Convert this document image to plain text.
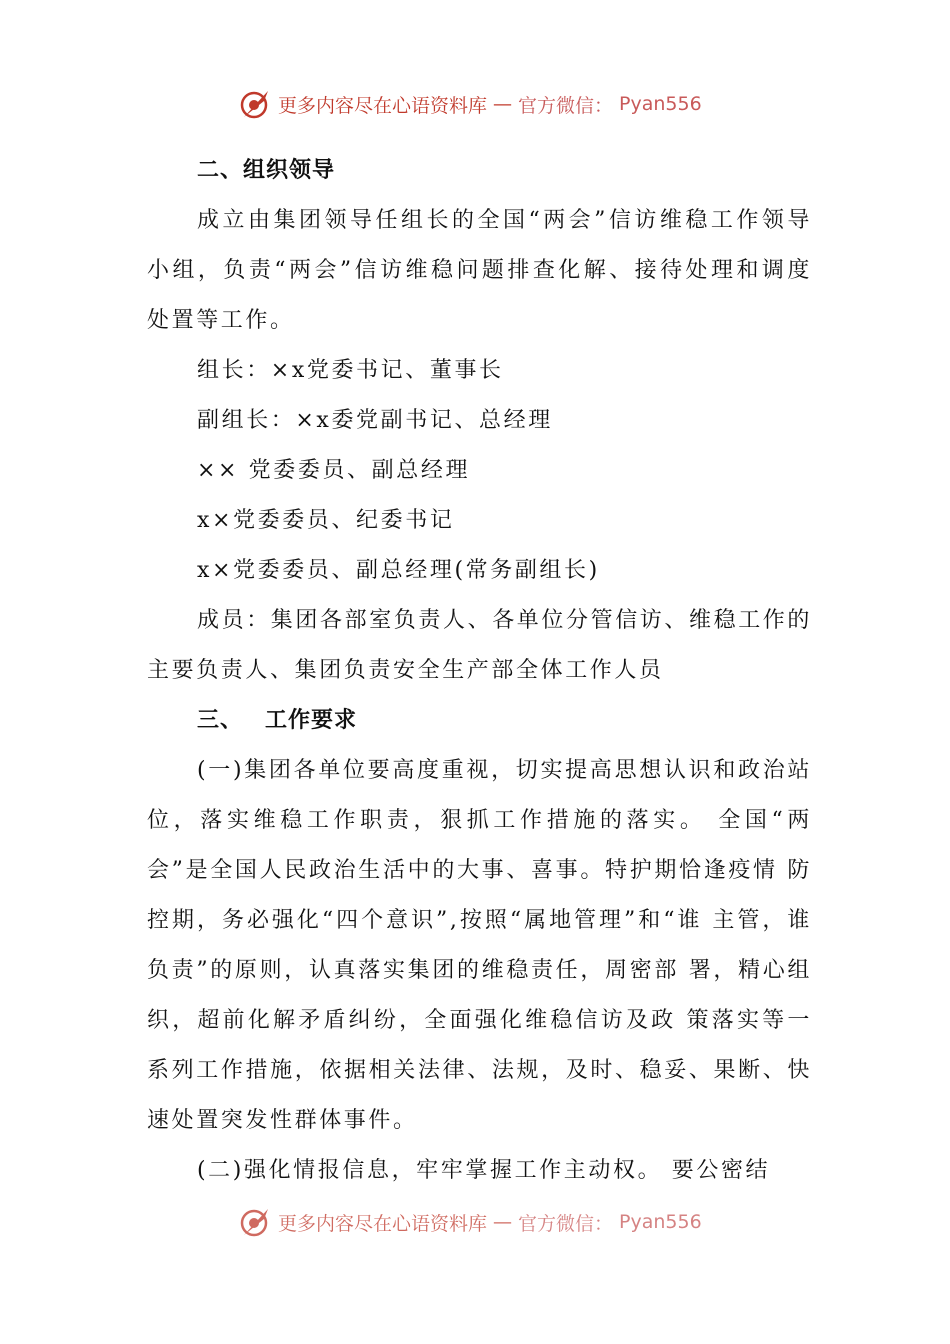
更多内容尽在心语资料库 — 官方微信： Pyan556

二、组织领导

成立由集团领导任组长的全国“两会”信访维稳工作领导小组，负责“两会”信访维稳问题排查化解、接待处理和调度处置等工作。

组长：×x党委书记、董事长

副组长：×x委党副书记、总经理

×× 党委委员、副总经理

x×党委委员、纪委书记

x×党委委员、副总经理(常务副组长)

成员：集团各部室负责人、各单位分管信访、维稳工作的主要负责人、集团负责安全生产部全体工作人员

三、 工作要求

(一)集团各单位要高度重视，切实提高思想认识和政治站位，落实维稳工作职责，狠抓工作措施的落实。 全国“两 会”是全国人民政治生活中的大事、喜事。特护期恰逢疫情 防控期，务必强化“四个意识”,按照“属地管理”和“谁 主管，谁负责”的原则，认真落实集团的维稳责任，周密部 署，精心组织，超前化解矛盾纠纷，全面强化维稳信访及政 策落实等一系列工作措施，依据相关法律、法规，及时、稳妥、果断、快速处置突发性群体事件。

(二)强化情报信息，牢牢掌握工作主动权。 要公密结

更多内容尽在心语资料库 — 官方微信： Pyan556
